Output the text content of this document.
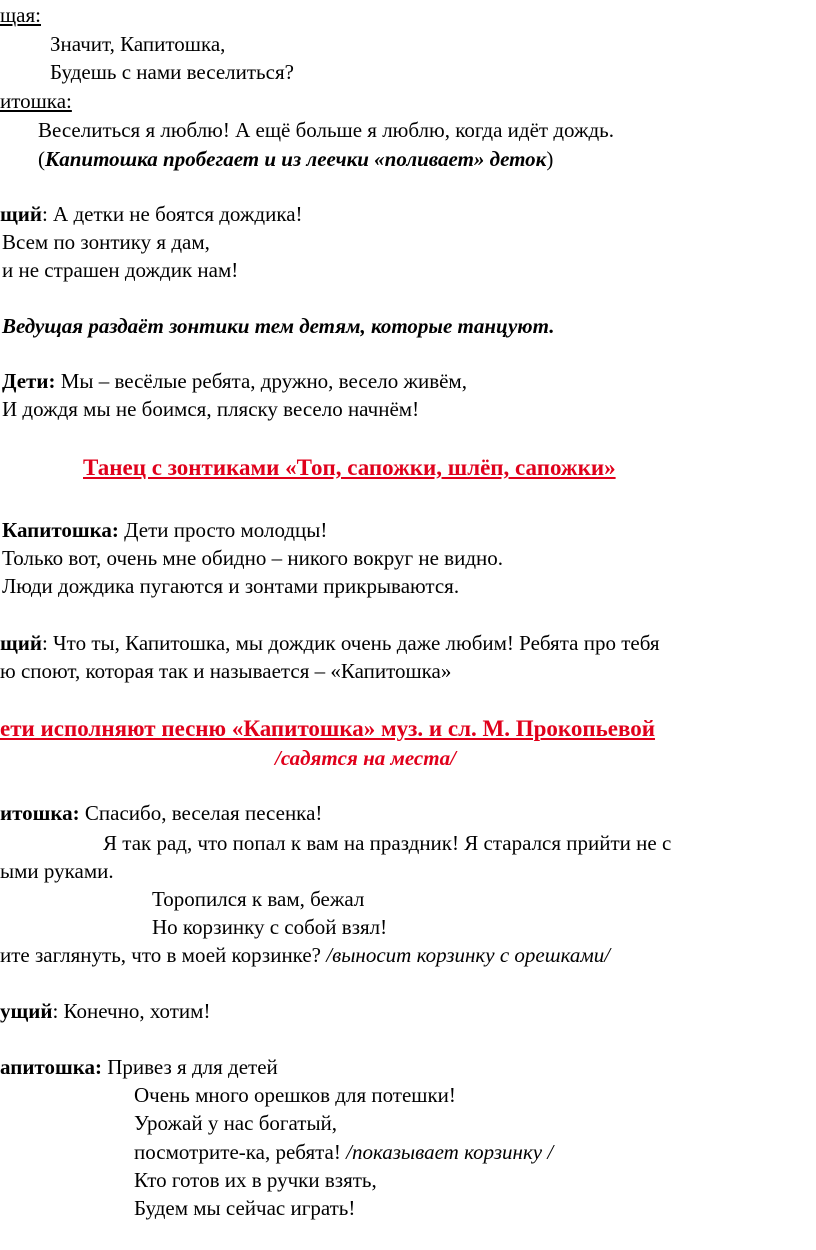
щая:
Значит, Капитошка,
Будешь с нами веселиться?
итошка:
Веселиться я люблю! А ещё больше я люблю, когда идёт дождь.
(Капитошка пробегает и из леечки «поливает» деток)
щий: А детки не боятся дождика!
Всем по зонтику я дам,
и не страшен дождик нам!
Ведущая раздаёт зонтики тем детям, которые танцуют.
Дети: Мы – весёлые ребята, дружно, весело живём,
И дождя мы не боимся, пляску весело начнём!
Танец с зонтиками «Топ, сапожки, шлёп, сапожки»
Капитошка: Дети просто молодцы!
Только вот, очень мне обидно – никого вокруг не видно.
Люди дождика пугаются и зонтами прикрываются.
щий: Что ты, Капитошка, мы дождик очень даже любим! Ребята про тебя
ю споют, которая так и называется – «Капитошка»
ети исполняют песню «Капитошка» муз. и сл. М. Прокопьевой
/садятся на места/
итошка: Спасибо, веселая песенка!
Я так рад, что попал к вам на праздник! Я старался прийти не с
ыми руками.
Торопился к вам, бежал
Но корзинку с собой взял!
ите заглянуть, что в моей корзинке? /выносит корзинку с орешками/
ущий: Конечно, хотим!
апитошка: Привез я для детей
Очень много орешков для потешки!
Урожай у нас богатый,
посмотрите-ка, ребята! /показывает корзинку /
Кто готов их в ручки взять,
Будем мы сейчас играть!
